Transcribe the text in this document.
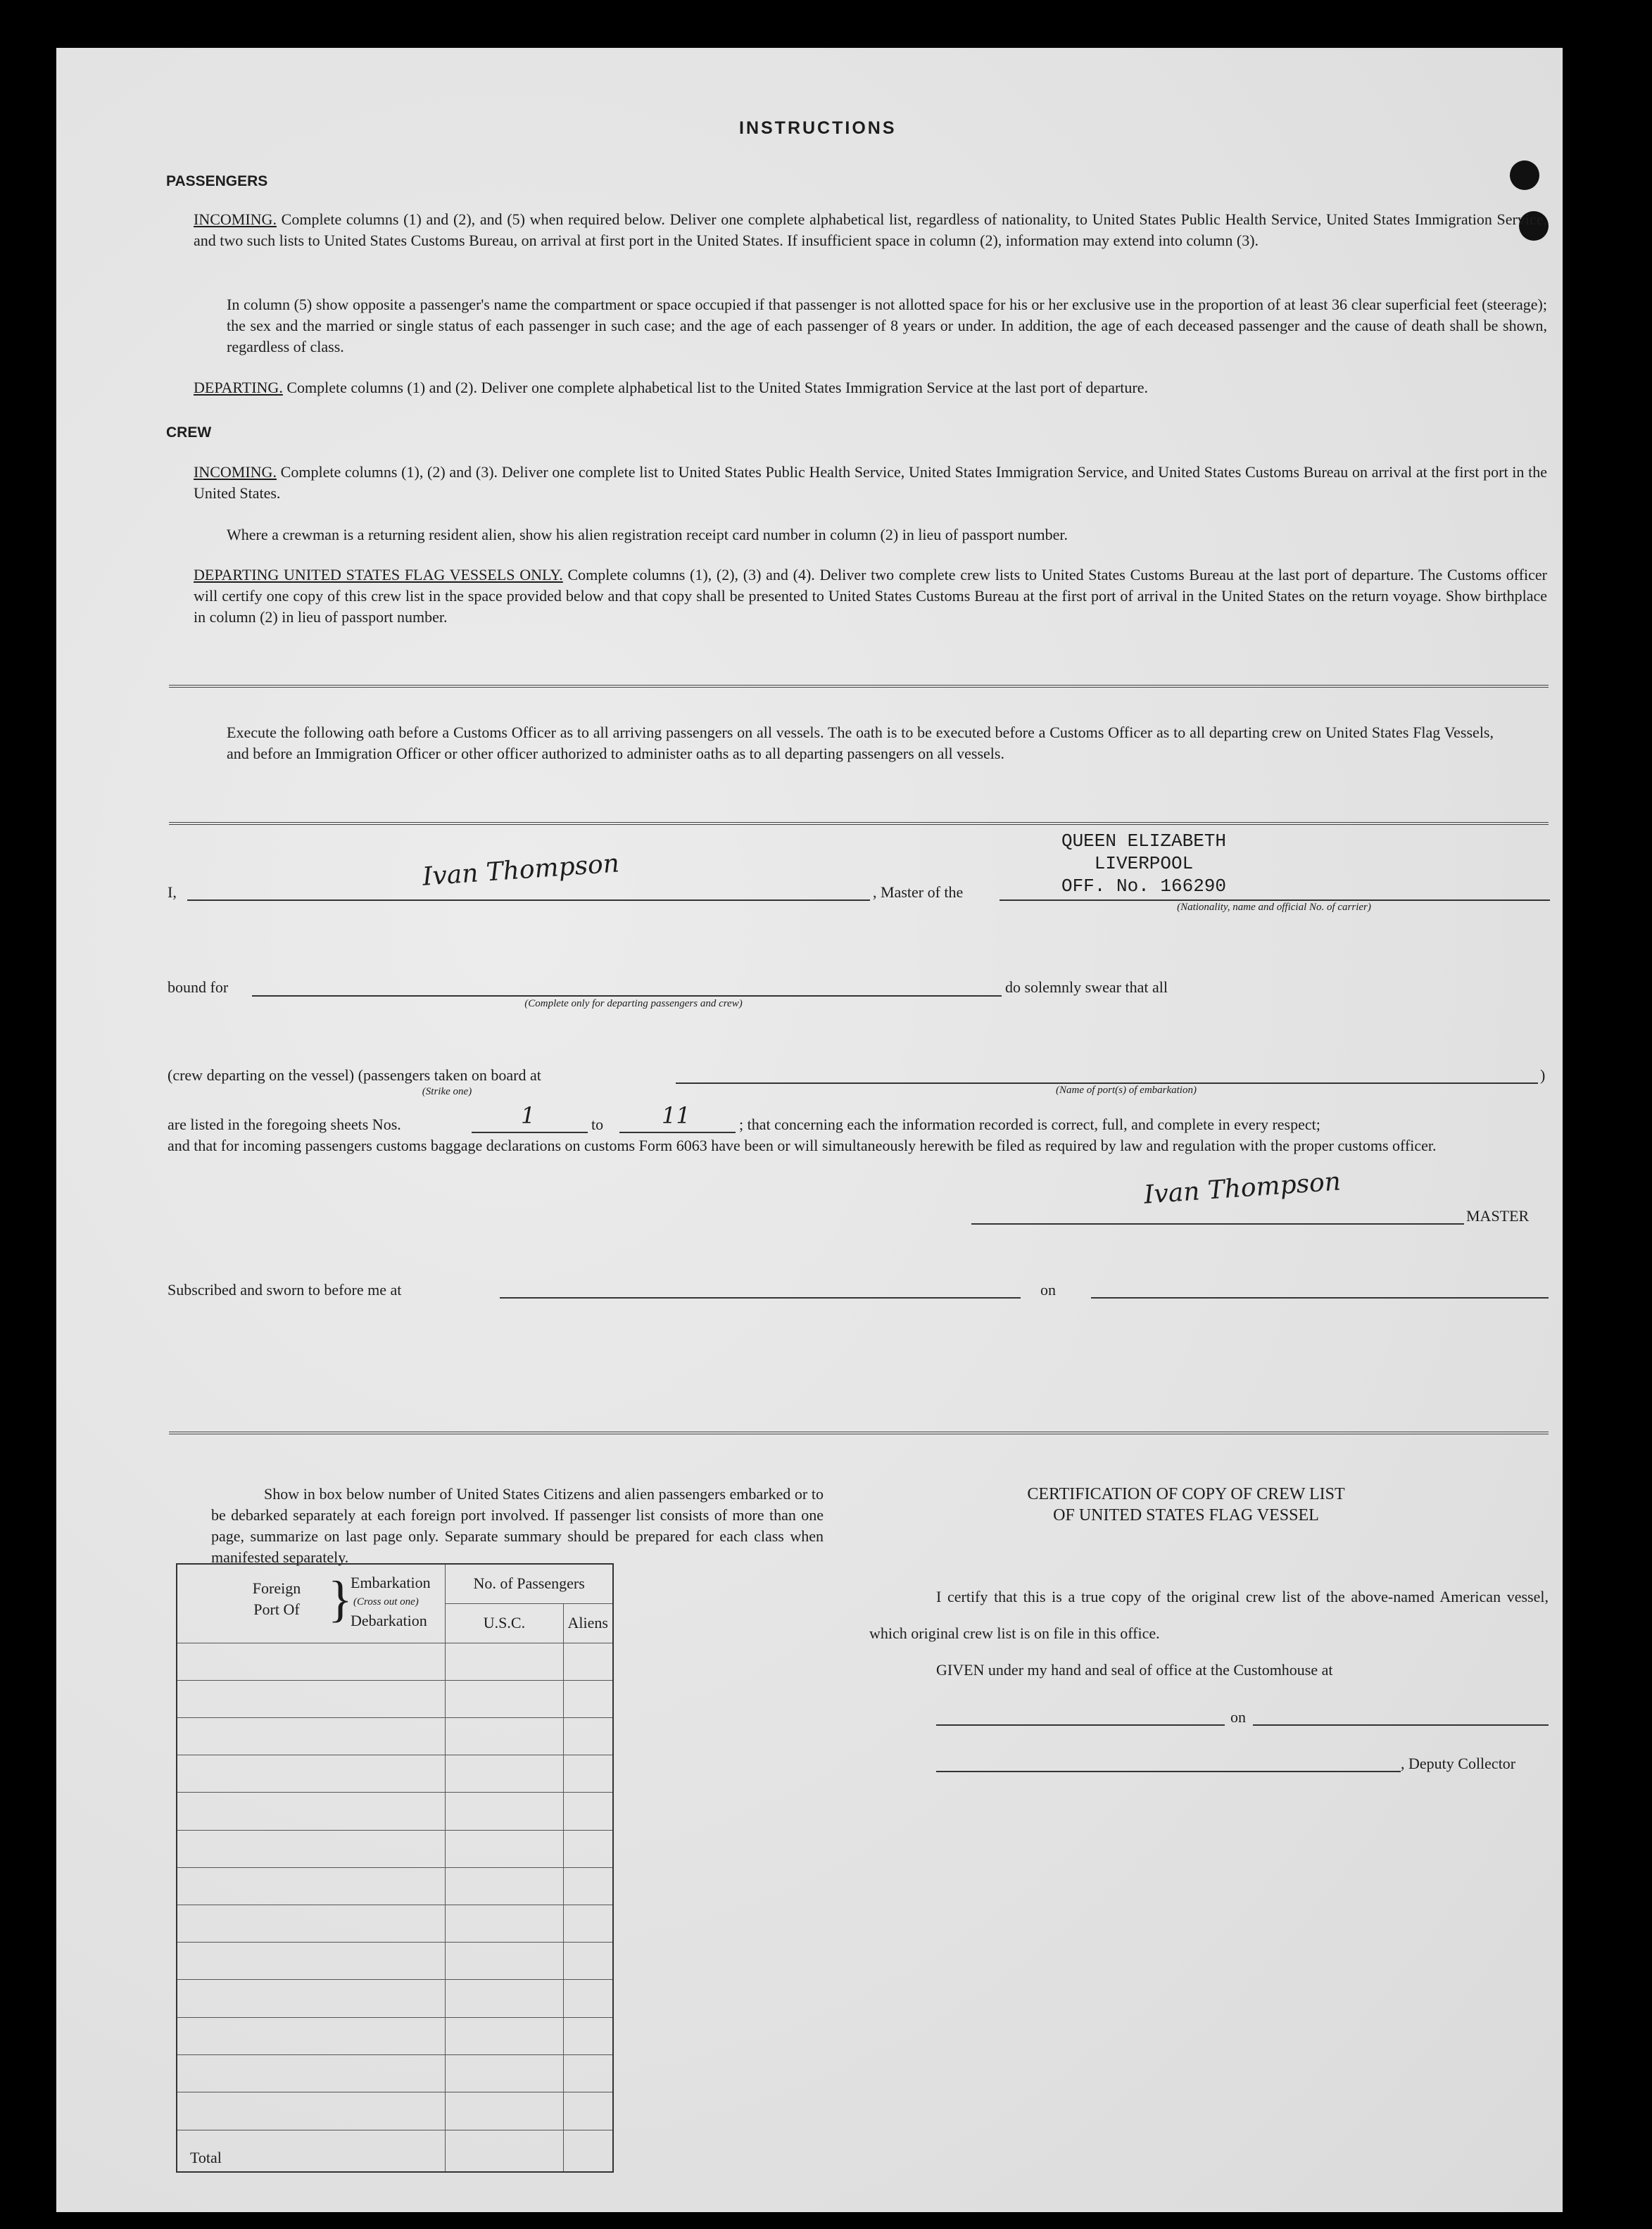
INSTRUCTIONS
PASSENGERS
INCOMING. Complete columns (1) and (2), and (5) when required below. Deliver one complete alphabetical list, regardless of nationality, to United States Public Health Service, United States Immigration Service, and two such lists to United States Customs Bureau, on arrival at first port in the United States. If insufficient space in column (2), information may extend into column (3).
In column (5) show opposite a passenger's name the compartment or space occupied if that passenger is not allotted space for his or her exclusive use in the proportion of at least 36 clear superficial feet (steerage); the sex and the married or single status of each passenger in such case; and the age of each passenger of 8 years or under. In addition, the age of each deceased passenger and the cause of death shall be shown, regardless of class.
DEPARTING. Complete columns (1) and (2). Deliver one complete alphabetical list to the United States Immigration Service at the last port of departure.
CREW
INCOMING. Complete columns (1), (2) and (3). Deliver one complete list to United States Public Health Service, United States Immigration Service, and United States Customs Bureau on arrival at the first port in the United States.
Where a crewman is a returning resident alien, show his alien registration receipt card number in column (2) in lieu of passport number.
DEPARTING UNITED STATES FLAG VESSELS ONLY. Complete columns (1), (2), (3) and (4). Deliver two complete crew lists to United States Customs Bureau at the last port of departure. The Customs officer will certify one copy of this crew list in the space provided below and that copy shall be presented to United States Customs Bureau at the first port of arrival in the United States on the return voyage. Show birthplace in column (2) in lieu of passport number.
Execute the following oath before a Customs Officer as to all arriving passengers on all vessels. The oath is to be executed before a Customs Officer as to all departing crew on United States Flag Vessels, and before an Immigration Officer or other officer authorized to administer oaths as to all departing passengers on all vessels.
I,
Ivan Thompson
, Master of the
QUEEN ELIZABETH
LIVERPOOL
OFF. No. 166290
(Nationality, name and official No. of carrier)
bound for
(Complete only for departing passengers and crew)
do solemnly swear that all
(crew departing on the vessel) (passengers taken on board at
(Strike one)	(Name of port(s) of embarkation)
)
are listed in the foregoing sheets Nos.	1	to	11	; that concerning each the information recorded is correct, full, and complete in every respect;
and that for incoming passengers customs baggage declarations on customs Form 6063 have been or will simultaneously herewith be filed as required by law and regulation with the proper customs officer.
Ivan Thompson
MASTER
Subscribed and sworn to before me at	on
Show in box below number of United States Citizens and alien passengers embarked or to be debarked separately at each foreign port involved. If passenger list consists of more than one page, summarize on last page only. Separate summary should be prepared for each class when manifested separately.
Foreign Port Of }
Embarkation
(Cross out one)
Debarkation	No. of Passengers	
	U.S.C.	Aliens

Total		
CERTIFICATION OF COPY OF CREW LIST
OF UNITED STATES FLAG VESSEL
I certify that this is a true copy of the original crew list of the above-named American vessel, which original crew list is on file in this office.
GIVEN under my hand and seal of office at the Customhouse at
on
, Deputy Collector
